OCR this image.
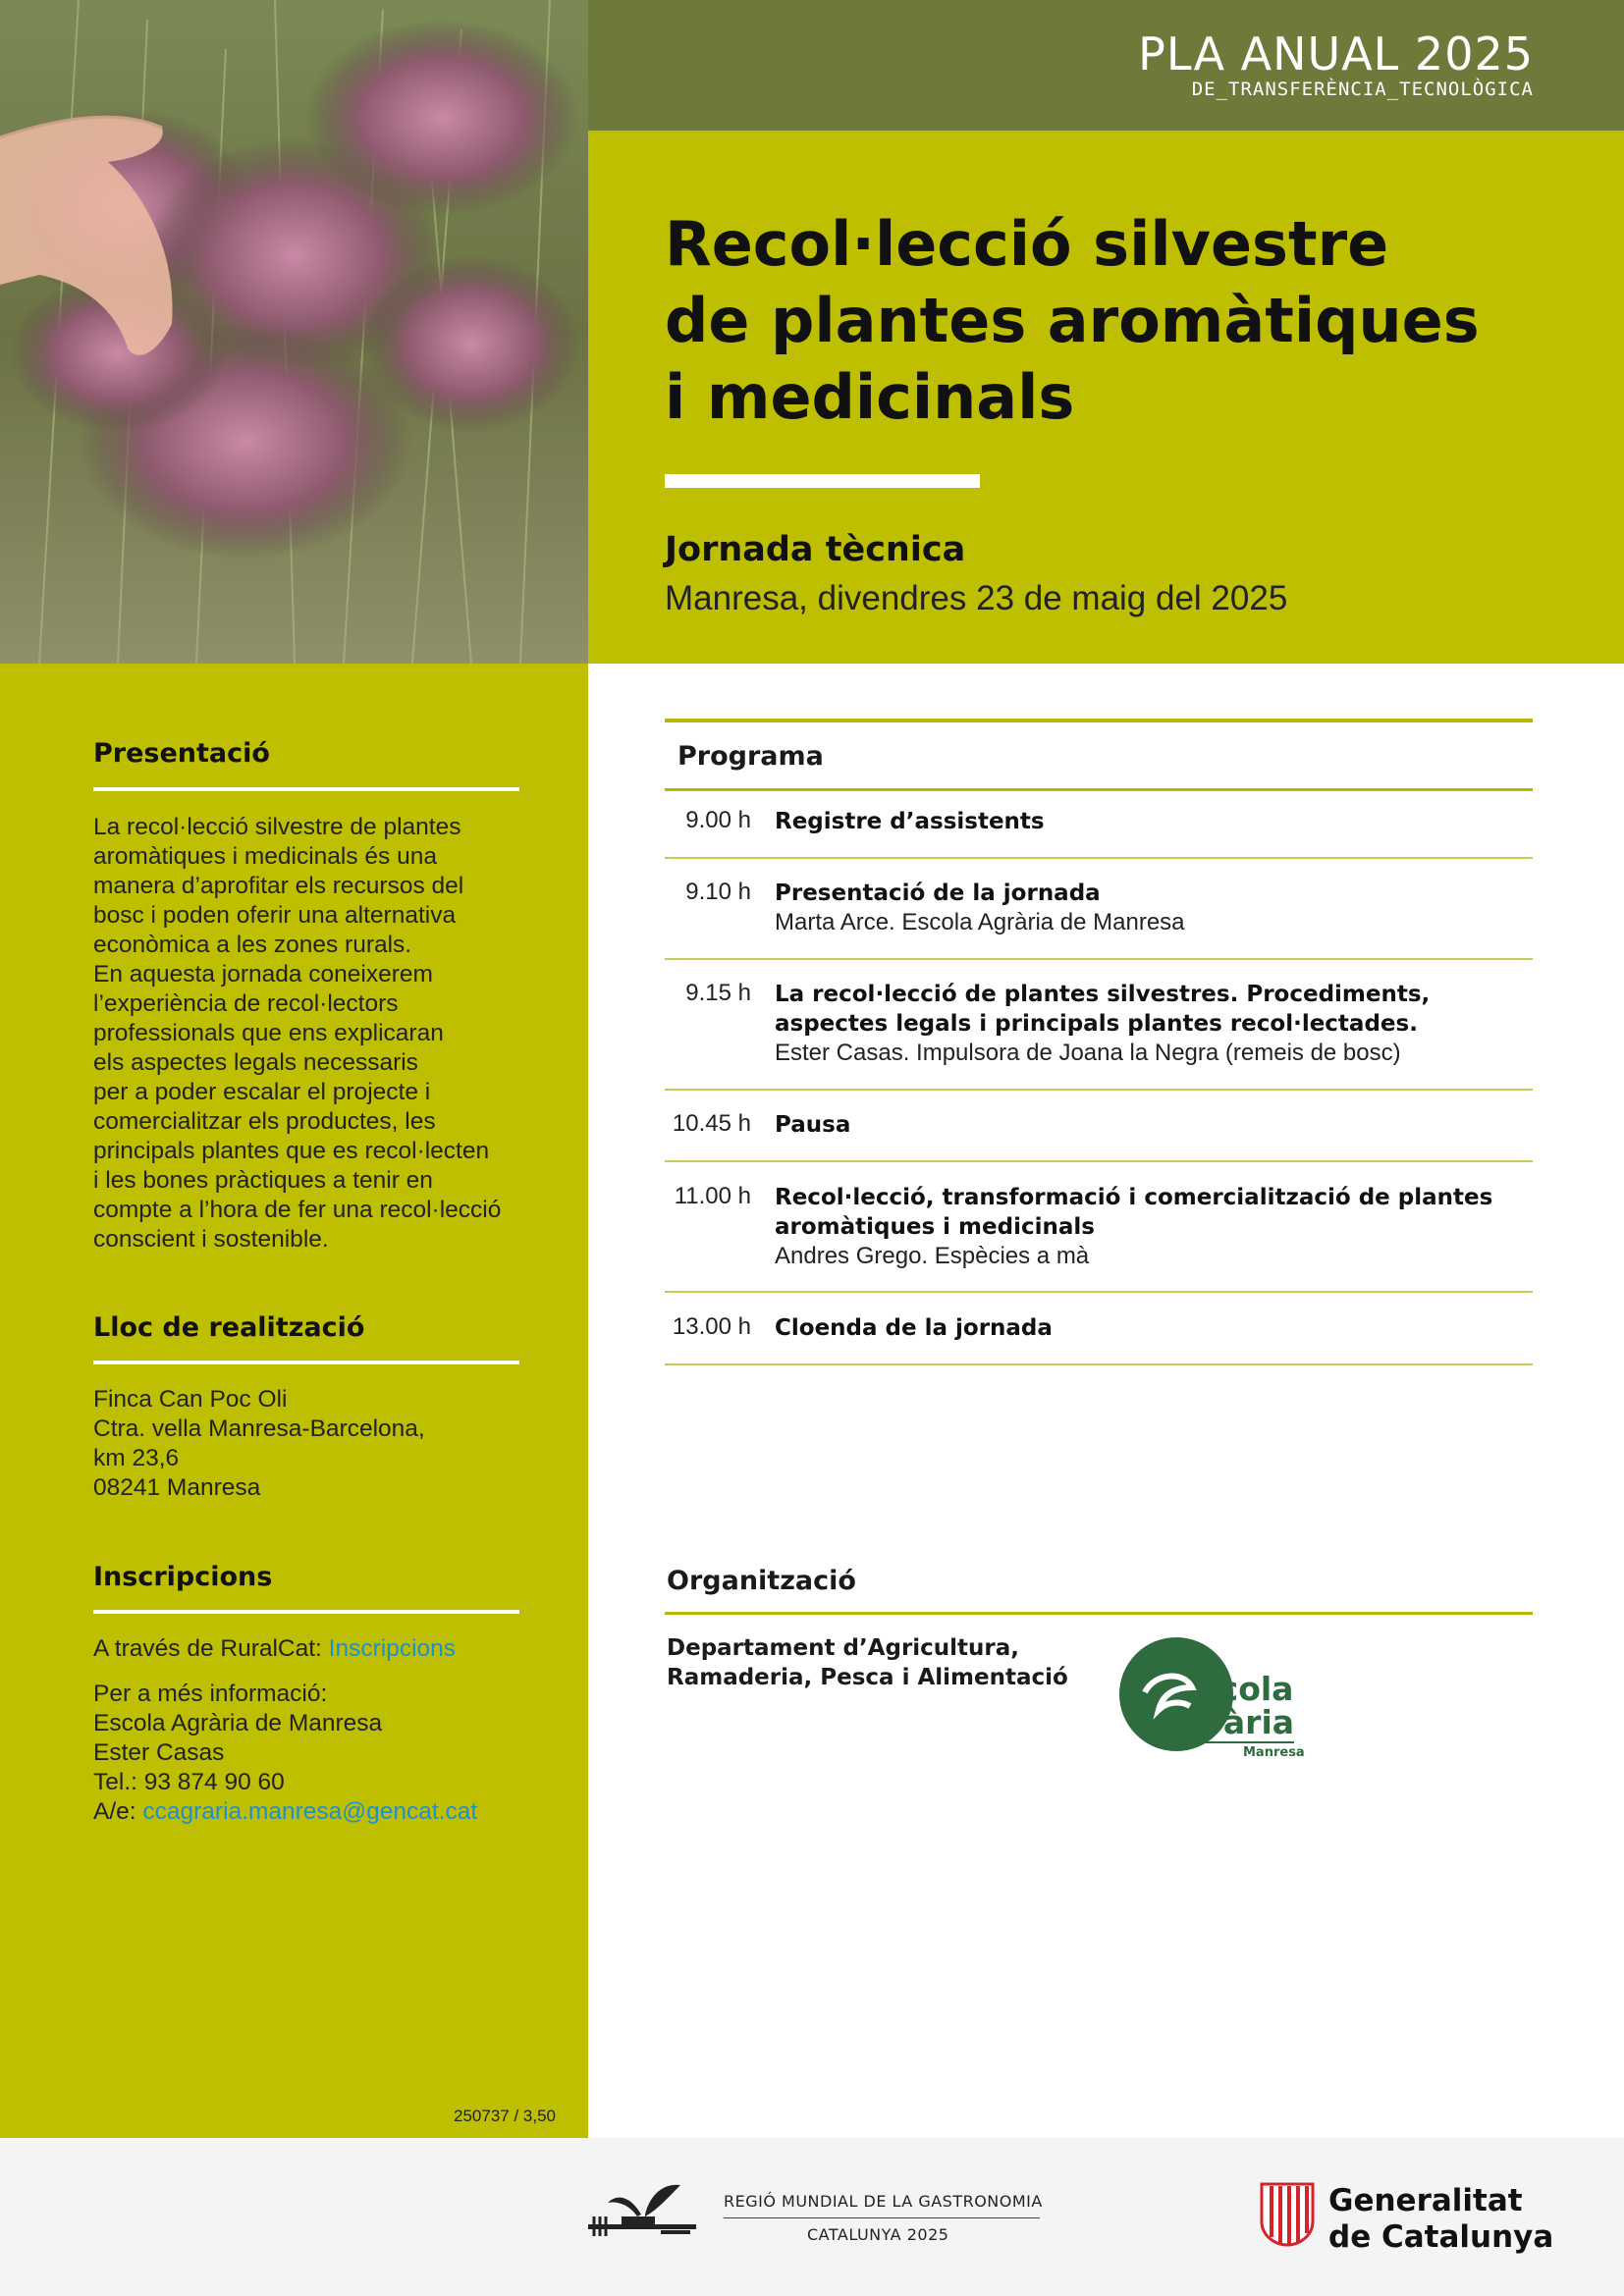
PLA ANUAL 2025
DE_TRANSFERÈNCIA_TECNOLÒGICA
Recol·lecció silvestre
de plantes aromàtiques
i medicinals
Jornada tècnica
Manresa, divendres 23 de maig del 2025
Presentació

La recol·lecció silvestre de plantes
aromàtiques i medicinals és una
manera d’aprofitar els recursos del
bosc i poden oferir una alternativa
econòmica a les zones rurals.
En aquesta jornada coneixerem
l’experiència de recol·lectors
professionals que ens explicaran
els aspectes legals necessaris
per a poder escalar el projecte i
comercialitzar els productes, les
principals plantes que es recol·lecten
i les bones pràctiques a tenir en
compte a l’hora de fer una recol·lecció
conscient i sostenible.

Lloc de realització

Finca Can Poc Oli
Ctra. vella Manresa-Barcelona,
km 23,6
08241 Manresa

Inscripcions

A través de RuralCat: Inscripcions

Per a més informació:
Escola Agrària de Manresa
Ester Casas
Tel.: 93 874 90 60
A/e: ccagraria.manresa@gencat.cat

250737 / 3,50
Programa
9.00 h Registre d’assistents
9.10 h Presentació de la jornada
Marta Arce. Escola Agrària de Manresa
9.15 h La recol·lecció de plantes silvestres. Procediments, aspectes legals i principals plantes recol·lectades.
Ester Casas. Impulsora de Joana la Negra (remeis de bosc)
10.45 h Pausa
11.00 h Recol·lecció, transformació i comercialització de plantes aromàtiques i medicinals
Andres Grego. Espècies a mà
13.00 h Cloenda de la jornada
Organització
Departament d’Agricultura,
Ramaderia, Pesca i Alimentació	scola
grària
Manresa
REGIÓ MUNDIAL DE LA GASTRONOMIA
CATALUNYA 2025
Generalitat
de Catalunya
